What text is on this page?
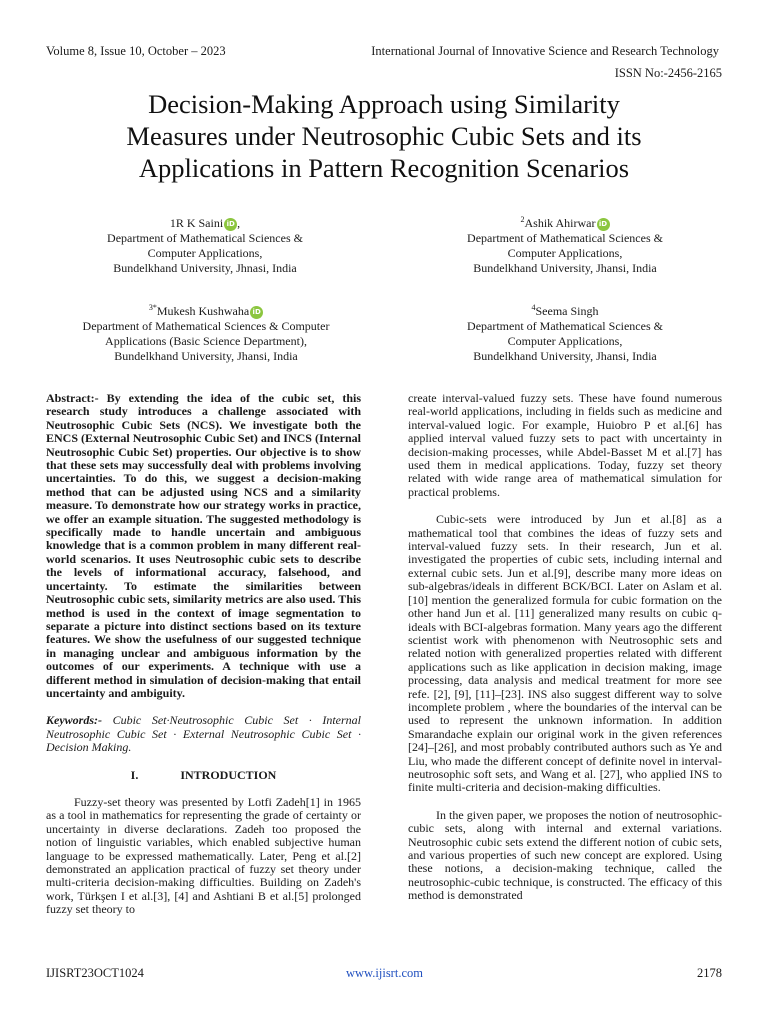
Volume 8, Issue 10, October – 2023	International Journal of Innovative Science and Research Technology
ISSN No:-2456-2165
Decision-Making Approach using Similarity
Measures under Neutrosophic Cubic Sets and its
Applications in Pattern Recognition Scenarios
1R K Saini iD ,
Department of Mathematical Sciences &
Computer Applications,
Bundelkhand University, Jhnasi, India
$^2$Ashik Ahirwar iD
Department of Mathematical Sciences &
Computer Applications,
Bundelkhand University, Jhansi, India
$^{3*}$Mukesh Kushwaha iD
Department of Mathematical Sciences & Computer
Applications (Basic Science Department),
Bundelkhand University, Jhansi, India
$^4$Seema Singh
Department of Mathematical Sciences &
Computer Applications,
Bundelkhand University, Jhansi, India
Abstract:- By extending the idea of the cubic set, this research study introduces a challenge associated with Neutrosophic Cubic Sets (NCS). We investigate both the ENCS (External Neutrosophic Cubic Set) and INCS (Internal Neutrosophic Cubic Set) properties. Our objective is to show that these sets may successfully deal with problems involving uncertainties. To do this, we suggest a decision-making method that can be adjusted using NCS and a similarity measure. To demonstrate how our strategy works in practice, we offer an example situation. The suggested methodology is specifically made to handle uncertain and ambiguous knowledge that is a common problem in many different real-world scenarios. It uses Neutrosophic cubic sets to describe the levels of informational accuracy, falsehood, and uncertainty. To estimate the similarities between Neutrosophic cubic sets, similarity metrics are also used. This method is used in the context of image segmentation to separate a picture into distinct sections based on its texture features. We show the usefulness of our suggested technique in managing unclear and ambiguous information by the outcomes of our experiments. A technique with use a different method in simulation of decision-making that entail uncertainty and ambiguity.
Keywords:- Cubic Set·Neutrosophic Cubic Set · Internal Neutrosophic Cubic Set · External Neutrosophic Cubic Set · Decision Making.
I.	INTRODUCTION
Fuzzy-set theory was presented by Lotfi Zadeh[1] in 1965 as a tool in mathematics for representing the grade of certainty or uncertainty in diverse declarations. Zadeh too proposed the notion of linguistic variables, which enabled subjective human language to be expressed mathematically. Later, Peng et al.[2] demonstrated an application practical of fuzzy set theory under multi-criteria decision-making difficulties. Building on Zadeh's work, Türkşen I et al.[3], [4] and Ashtiani B et al.[5] prolonged fuzzy set theory to
create interval-valued fuzzy sets. These have found numerous real-world applications, including in fields such as medicine and interval-valued logic. For example, Huiobro P et al.[6] has applied interval valued fuzzy sets to pact with uncertainty in decision-making processes, while Abdel-Basset M et al.[7] has used them in medical applications. Today, fuzzy set theory related with wide range area of mathematical simulation for practical problems.
Cubic-sets were introduced by Jun et al.[8] as a mathematical tool that combines the ideas of fuzzy sets and interval-valued fuzzy sets. In their research, Jun et al. investigated the properties of cubic sets, including internal and external cubic sets. Jun et al.[9], describe many more ideas on sub-algebras/ideals in different BCK/BCI. Later on Aslam et al.[10] mention the generalized formula for cubic formation on the other hand Jun et al. [11] generalized many results on cubic q-ideals with BCI-algebras formation. Many years ago the different scientist work with phenomenon with Neutrosophic sets and related notion with generalized properties related with different applications such as like application in decision making, image processing, data analysis and medical treatment for more see refe. [2], [9], [11]–[23]. INS also suggest different way to solve incomplete problem , where the boundaries of the interval can be used to represent the unknown information. In addition Smarandache explain our original work in the given references [24]–[26], and most probably contributed authors such as Ye and Liu, who made the different concept of definite novel in interval-neutrosophic soft sets, and Wang et al. [27], who applied INS to finite multi-criteria and decision-making difficulties.
In the given paper, we proposes the notion of neutrosophic-cubic sets, along with internal and external variations. Neutrosophic cubic sets extend the different notion of cubic sets, and various properties of such new concept are explored. Using these notions, a decision-making technique, called the neutrosophic-cubic technique, is constructed. The efficacy of this method is demonstrated
IJISRT23OCT1024	www.ijisrt.com	2178
